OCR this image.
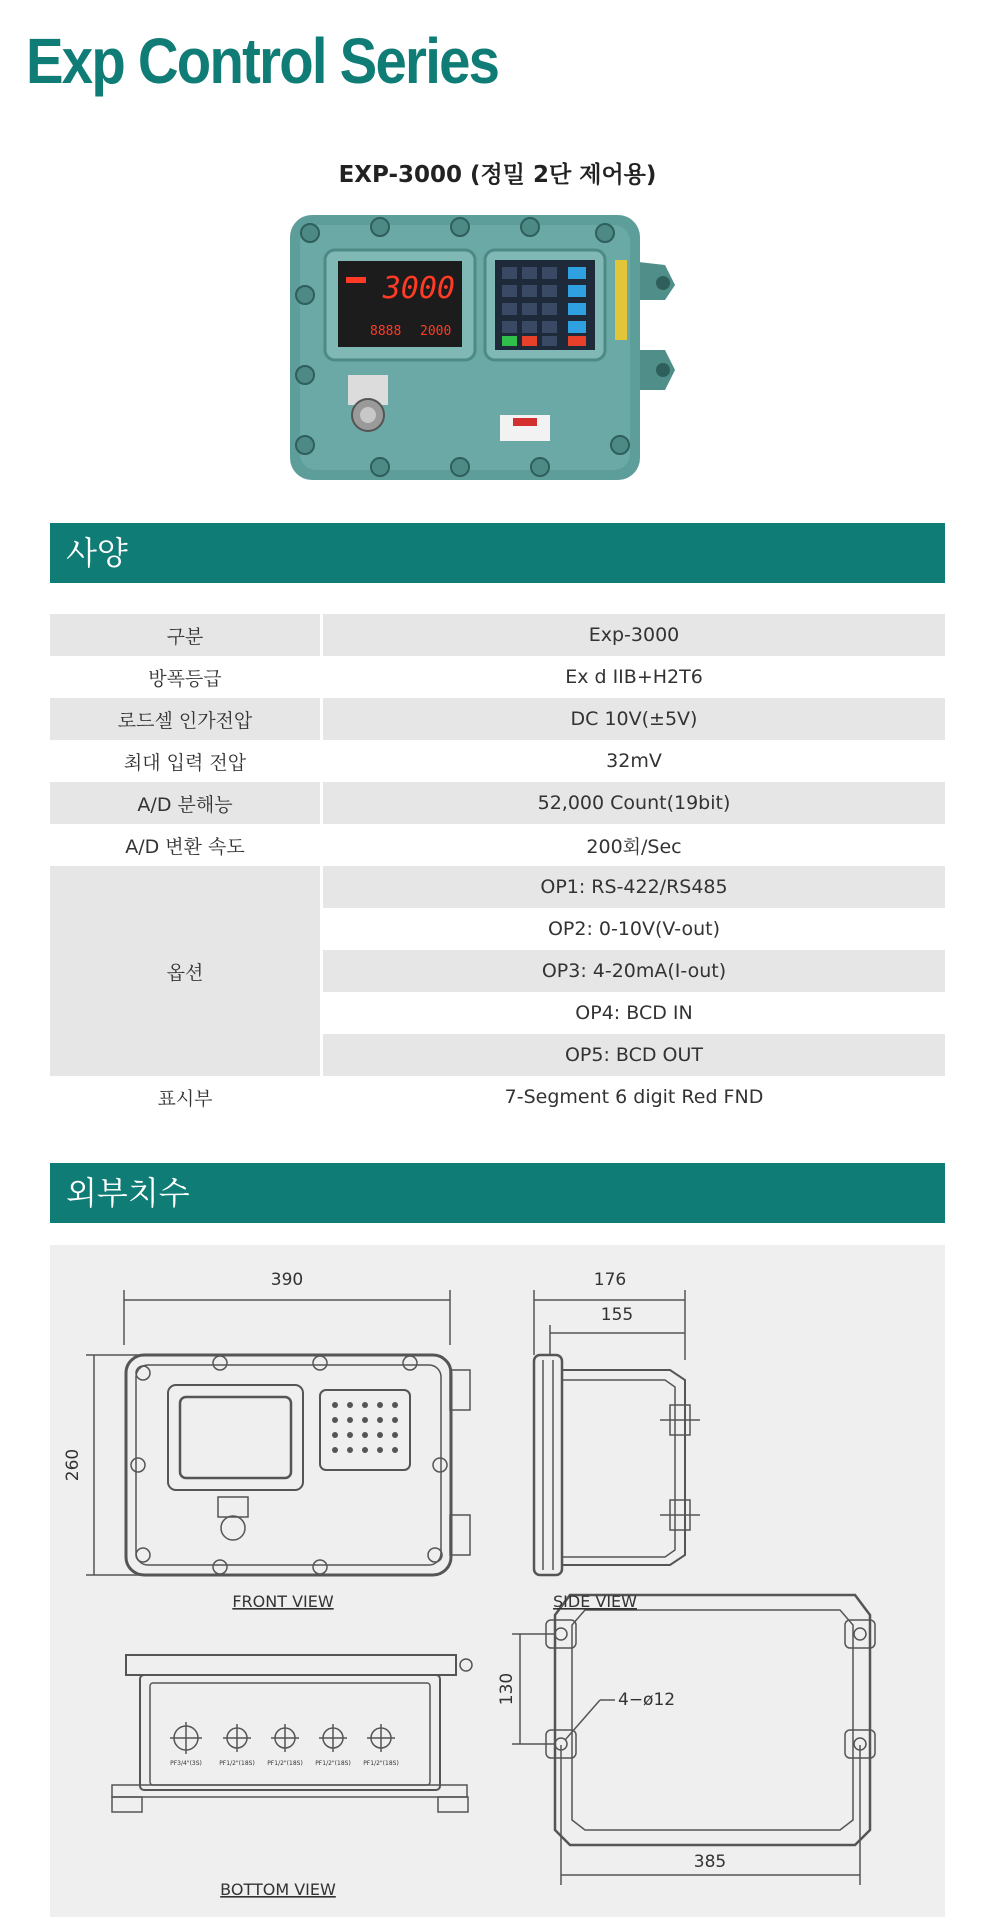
Exp Control Series
EXP-3000 (정밀 2단 제어용)
3000
8888 2000
사양
구분	Exp-3000
방폭등급	Ex d IIB+H2T6
로드셀 인가전압	DC 10V(±5V)
최대 입력 전압	32mV
A/D 분해능	52,000 Count(19bit)
A/D 변환 속도	200회/Sec
옵션	OP1: RS-422/RS485
	OP2: 0-10V(V-out)
	OP3: 4-20mA(I-out)
	OP4: BCD IN
	OP5: BCD OUT
표시부	7-Segment 6 digit Red FND
외부치수
390
260
176
155
130
385
4−ø12
PF3/4"(3S)	PF1/2"(18S) PF1/2"(18S) PF1/2"(18S) PF1/2"(18S)
FRONT VIEW	SIDE VIEW
BOTTOM VIEW
